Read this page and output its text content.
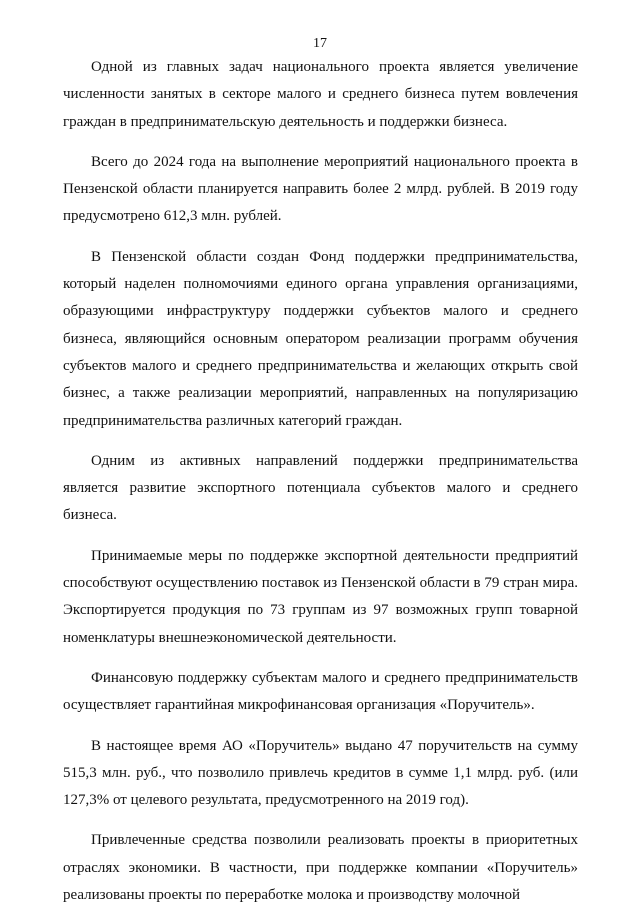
17

Одной из главных задач национального проекта является увеличение численности занятых в секторе малого и среднего бизнеса путем вовлечения граждан в предпринимательскую деятельность и поддержки бизнеса.

Всего до 2024 года на выполнение мероприятий национального проекта в Пензенской области планируется направить более 2 млрд. рублей. В 2019 году предусмотрено 612,3 млн. рублей.

В Пензенской области создан Фонд поддержки предпринимательства, который наделен полномочиями единого органа управления организациями, образующими инфраструктуру поддержки субъектов малого и среднего бизнеса, являющийся основным оператором реализации программ обучения субъектов малого и среднего предпринимательства и желающих открыть свой бизнес, а также реализации мероприятий, направленных на популяризацию предпринимательства различных категорий граждан.

Одним из активных направлений поддержки предпринимательства является развитие экспортного потенциала субъектов малого и среднего бизнеса.

Принимаемые меры по поддержке экспортной деятельности предприятий способствуют осуществлению поставок из Пензенской области в 79 стран мира. Экспортируется продукция по 73 группам из 97 возможных групп товарной номенклатуры внешнеэкономической деятельности.

Финансовую поддержку субъектам малого и среднего предпринимательств осуществляет гарантийная микрофинансовая организация «Поручитель».

В настоящее время АО «Поручитель» выдано 47 поручительств на сумму 515,3 млн. руб., что позволило привлечь кредитов в сумме 1,1 млрд. руб. (или 127,3% от целевого результата, предусмотренного на 2019 год).

Привлеченные средства позволили реализовать проекты в приоритетных отраслях экономики. В частности, при поддержке компании «Поручитель» реализованы проекты по переработке молока и производству молочной
